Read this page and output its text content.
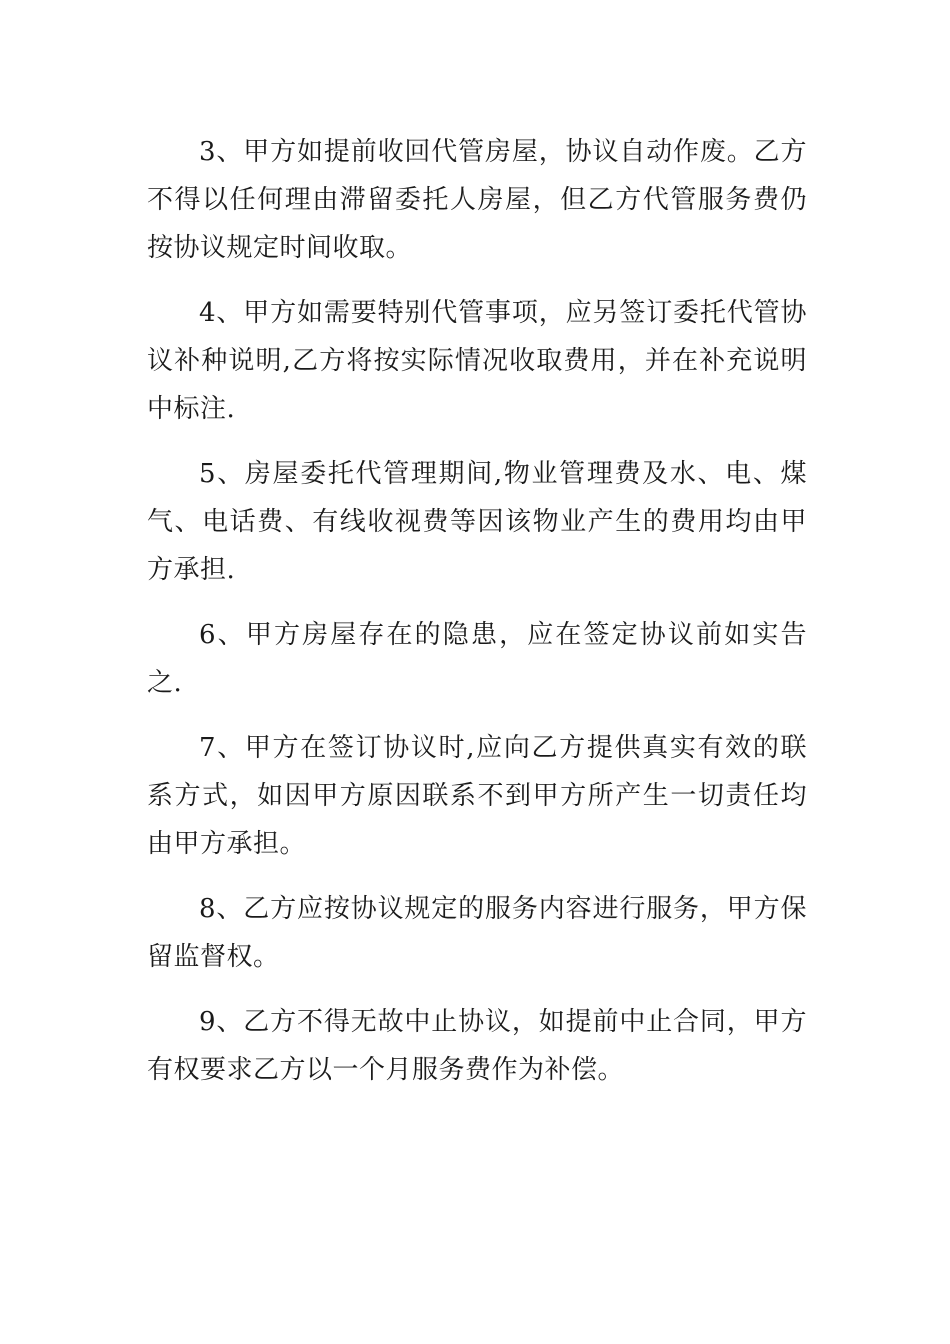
3、甲方如提前收回代管房屋，协议自动作废。乙方不得以任何理由滞留委托人房屋，但乙方代管服务费仍按协议规定时间收取。

4、甲方如需要特别代管事项，应另签订委托代管协议补种说明,乙方将按实际情况收取费用，并在补充说明中标注.

5、房屋委托代管理期间,物业管理费及水、电、煤气、电话费、有线收视费等因该物业产生的费用均由甲方承担.

6、甲方房屋存在的隐患，应在签定协议前如实告之.

7、甲方在签订协议时,应向乙方提供真实有效的联系方式，如因甲方原因联系不到甲方所产生一切责任均由甲方承担。

8、乙方应按协议规定的服务内容进行服务，甲方保留监督权。

9、乙方不得无故中止协议，如提前中止合同，甲方有权要求乙方以一个月服务费作为补偿。
